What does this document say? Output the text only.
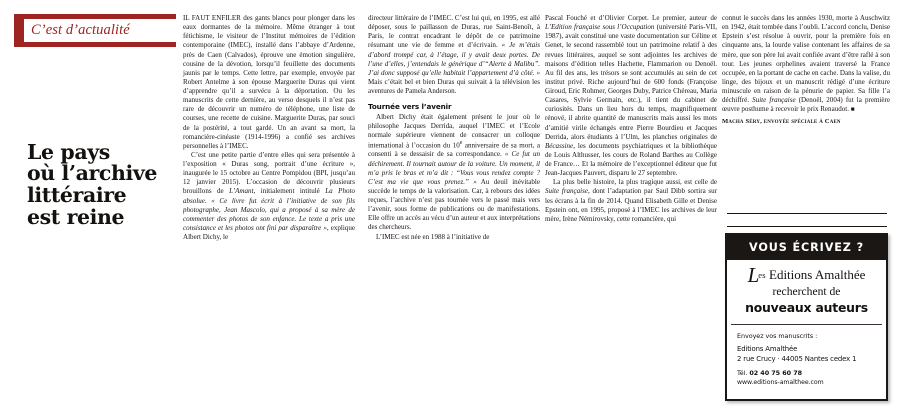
C’est d’actualité
Le pays
où l’archive
littéraire
est reine

IL FAUT ENFILER des gants blancs pour plonger dans les eaux dormantes de la mémoire. Même étranger à tout fétichisme, le visiteur de l’Institut mémoires de l’édition contemporaine (IMEC), installé dans l’abbaye d’Ardenne, près de Caen (Calvados), éprouve une émotion singulière, cousine de la dévotion, lorsqu’il feuillette des documents jaunis par le temps. Cette lettre, par exemple, envoyée par Robert Antelme à son épouse Marguerite Duras qui vient d’apprendre qu’il a survécu à la déportation. Ou les manuscrits de cette dernière, au verso desquels il n’est pas rare de découvrir un numéro de téléphone, une liste de courses, une recette de cuisine. Marguerite Duras, par souci de la postérité, a tout gardé. Un an avant sa mort, la romancière-cinéaste (1914-1996) a confié ses archives personnelles à l’IMEC.

C’est une petite partie d’entre elles qui sera présentée à l’exposition « Duras song, portrait d’une écriture », inaugurée le 15 octobre au Centre Pompidou (BPI, jusqu’au 12 janvier 2015). L’occasion de découvrir plusieurs brouillons de L’Amant, initialement intitulé La Photo absolue. « Ce livre fut écrit à l’initiative de son fils photographe, Jean Mascolo, qui a proposé à sa mère de commenter des photos de son enfance. Le texte a pris une consistance et les photos ont fini par disparaître », explique Albert Dichy, le

directeur littéraire de l’IMEC. C’est lui qui, en 1995, est allé déposer, sous le paillasson de Duras, rue Saint-Benoît, à Paris, le contrat encadrant le dépôt de ce patrimoine résumant une vie de femme et d’écrivain. « Je m’étais d’abord trompé car, à l’étage, il y avait deux portes. De l’une d’elles, j’entendais le générique d’“Alerte à Malibu”. J’ai donc supposé qu’elle habitait l’appartement d’à côté. » Mais c’était bel et bien Duras qui suivait à la télévision les aventures de Pamela Anderson.

Tournée vers l’avenir

Albert Dichy était également présent le jour où le philosophe Jacques Derrida, auquel l’IMEC et l’Ecole normale supérieure viennent de consacrer un colloque international à l’occasion du 10e anniversaire de sa mort, a consenti à se dessaisir de sa correspondance. « Ce fut un déchirement. Il tournait autour de la voiture. Un moment, il m’a pris le bras et m’a dit : “Vous vous rendez compte ? C’est ma vie que vous prenez.” » Au deuil inévitable succède le temps de la valorisation. Car, à rebours des idées reçues, l’archive n’est pas tournée vers le passé mais vers l’avenir, sous forme de publications ou de manifestations. Elle offre un accès au vécu d’un auteur et aux interprétations des chercheurs.

L’IMEC est née en 1988 à l’initiative de

Pascal Fouché et d’Olivier Corpet. Le premier, auteur de L’Edition française sous l’Occupation (université Paris-VII, 1987), avait constitué une vaste documentation sur Céline et Genet, le second rassemblé tout un patrimoine relatif à des revues littéraires, auquel se sont adjointes les archives de maisons d’édition telles Hachette, Flammarion ou Denoël. Au fil des ans, les trésors se sont accumulés au sein de cet institut privé. Riche aujourd’hui de 600 fonds (Françoise Giroud, Eric Rohmer, Georges Duby, Patrice Chéreau, Maria Casares, Sylvie Germain, etc.), il tient du cabinet de curiosités. Dans un lieu hors du temps, magnifiquement rénové, il abrite quantité de manuscrits mais aussi les mots d’amitié virile échangés entre Pierre Bourdieu et Jacques Derrida, alors étudiants à l’Ulm, les planches originales de Bécassine, les documents psychiatriques et la bibliothèque de Louis Althusser, les cours de Roland Barthes au Collège de France… Et la mémoire de l’exceptionnel éditeur que fut Jean-Jacques Pauvert, disparu le 27 septembre.

La plus belle histoire, la plus tragique aussi, est celle de Suite française, dont l’adaptation par Saul Dibb sortira sur les écrans à la fin de 2014. Quand Elisabeth Gille et Denise Epstein ont, en 1995, proposé à l’IMEC les archives de leur mère, Irène Némirovsky, cette romancière, qui

connut le succès dans les années 1930, morte à Auschwitz en 1942, était tombée dans l’oubli. L’accord conclu, Denise Epstein s’est résolue à ouvrir, pour la première fois en cinquante ans, la lourde valise contenant les affaires de sa mère, que son père lui avait confiée avant d’être raflé à son tour. Les jeunes orphelines avaient traversé la France occupée, en la portant de cache en cache. Dans la valise, du linge, des bijoux et un manuscrit rédigé d’une écriture minuscule en raison de la pénurie de papier. Sa fille l’a déchiffré. Suite française (Denoël, 2004) fut la première œuvre posthume à recevoir le prix Renaudot. ■

Macha Séry, envoyée spéciale à Caen
VOUS ÉCRIVEZ ?
Les Editions Amalthée
recherchent de
nouveaux auteurs
Envoyez vos manuscrits :
Editions Amalthée
2 rue Crucy · 44005 Nantes cedex 1
Tél. 02 40 75 60 78
www.editions-amalthee.com
